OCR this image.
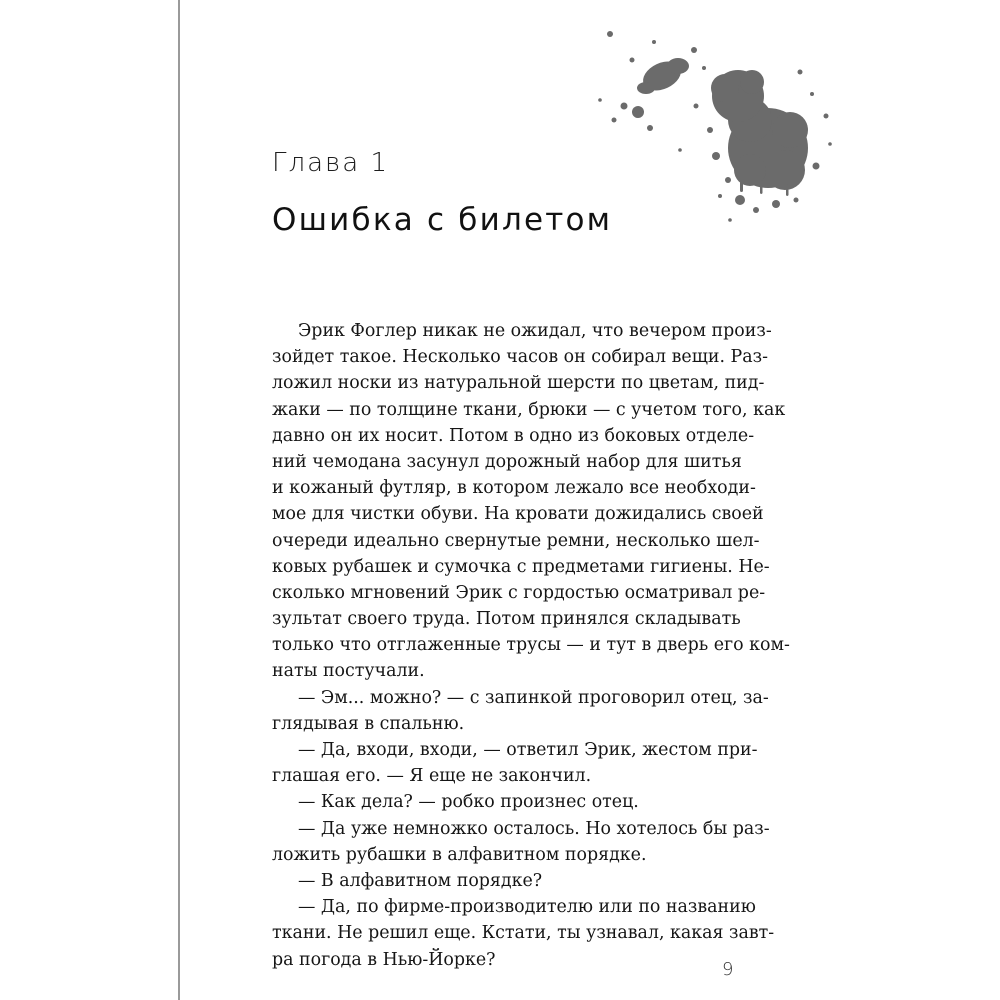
Глава 1
Ошибка с билетом
Эрик Фоглер никак не ожидал, что вечером произ-
зойдет такое. Несколько часов он собирал вещи. Раз-
ложил носки из натуральной шерсти по цветам, пид-
жаки — по толщине ткани, брюки — с учетом того, как
давно он их носит. Потом в одно из боковых отделе-
ний чемодана засунул дорожный набор для шитья
и кожаный футляр, в котором лежало все необходи-
мое для чистки обуви. На кровати дожидались своей
очереди идеально свернутые ремни, несколько шел-
ковых рубашек и сумочка с предметами гигиены. Не-
сколько мгновений Эрик с гордостью осматривал ре-
зультат своего труда. Потом принялся складывать
только что отглаженные трусы — и тут в дверь его ком-
наты постучали.
— Эм... можно? — с запинкой проговорил отец, за-
глядывая в спальню.
— Да, входи, входи, — ответил Эрик, жестом при-
глашая его. — Я еще не закончил.
— Как дела? — робко произнес отец.
— Да уже немножко осталось. Но хотелось бы раз-
ложить рубашки в алфавитном порядке.
— В алфавитном порядке?
— Да, по фирме-производителю или по названию
ткани. Не решил еще. Кстати, ты узнавал, какая завт-
ра погода в Нью-Йорке?	9
